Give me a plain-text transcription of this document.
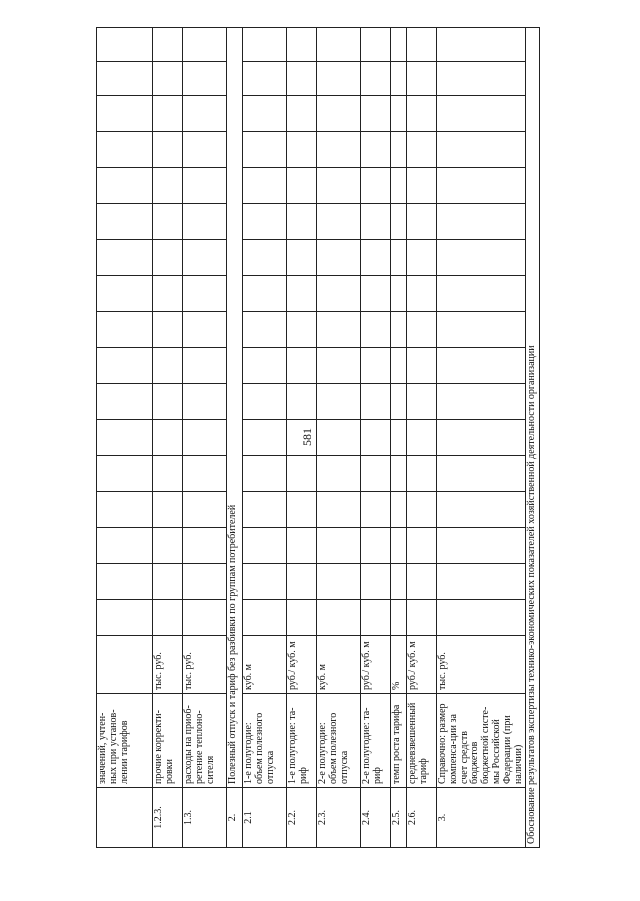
581
	значений, учтен-ных при установ-лении тарифов																		
1.2.3.	прочие корректи-ровки	тыс. руб.																	
1.3.	расходы на приоб-ретение теплоно-сителя	тыс. руб.																	
2.	Полезный отпуск и тариф без разбивки по группам потребителей																		
2.1	1-е полугодие: объем полезного отпуска	куб. м																	
2.2.	1-е полугодие: та-риф	руб./ куб. м																	
2.3.	2-е полугодие: объем полезного отпуска	куб. м																	
2.4.	2-е полугодие: та-риф	руб./ куб. м																	
2.5.	темп роста тарифа	%																	
2.6.	средневзвешенный тариф	руб./ куб. м																	
3.	Справочно: размер компенса-ции за счет средств бюджетов бюджетной систе-мы Российской Федерации (при наличии)	тыс. руб.																	
Обоснование результатов экспертизы технико-экономических показателей хозяйственной деятельности организации																			
